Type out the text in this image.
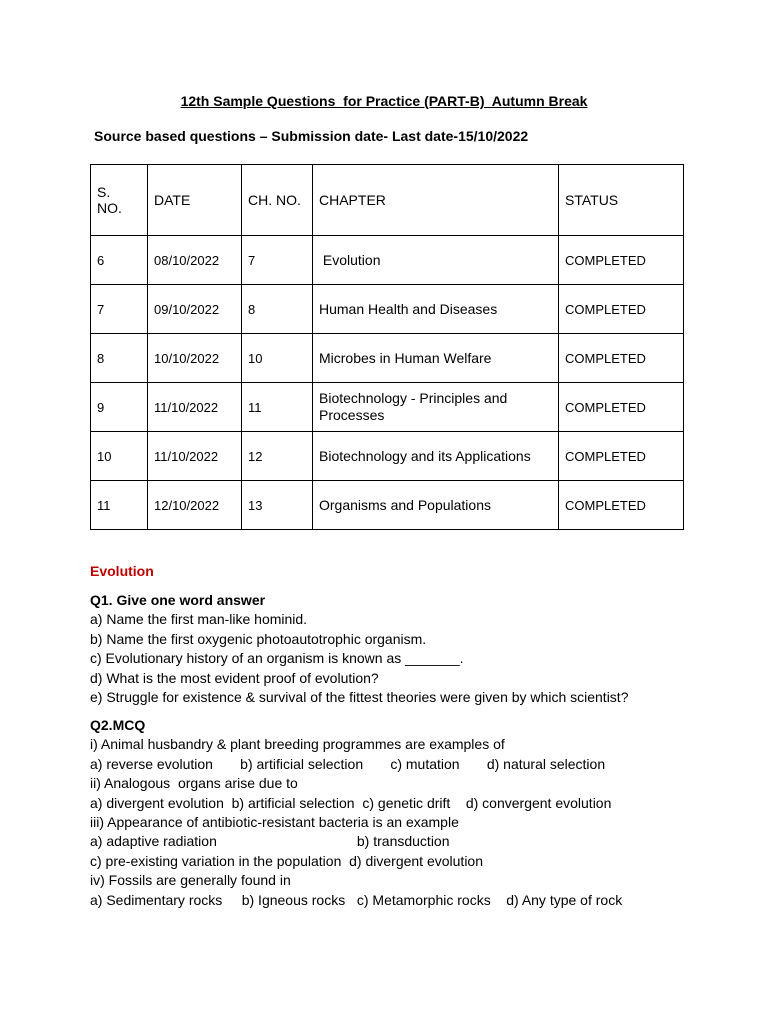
12th Sample Questions  for Practice (PART-B)  Autumn Break
Source based questions – Submission date- Last date-15/10/2022
S.
NO.	DATE	CH. NO.	CHAPTER	STATUS
6	08/10/2022	7	Evolution	COMPLETED
7	09/10/2022	8	Human Health and Diseases	COMPLETED
8	10/10/2022	10	Microbes in Human Welfare	COMPLETED
9	11/10/2022	11	Biotechnology - Principles and Processes	COMPLETED
10	11/10/2022	12	Biotechnology and its Applications	COMPLETED
11	12/10/2022	13	Organisms and Populations	COMPLETED
Evolution
Q1. Give one word answer
a) Name the first man-like hominid.
b) Name the first oxygenic photoautotrophic organism.
c) Evolutionary history of an organism is known as _______.
d) What is the most evident proof of evolution?
e) Struggle for existence & survival of the fittest theories were given by which scientist?
Q2.MCQ
i) Animal husbandry & plant breeding programmes are examples of
a) reverse evolution       b) artificial selection       c) mutation       d) natural selection
ii) Analogous  organs arise due to
a) divergent evolution  b) artificial selection  c) genetic drift    d) convergent evolution
iii) Appearance of antibiotic-resistant bacteria is an example
a) adaptive radiation                                    b) transduction
c) pre-existing variation in the population  d) divergent evolution
iv) Fossils are generally found in
a) Sedimentary rocks     b) Igneous rocks   c) Metamorphic rocks    d) Any type of rock
